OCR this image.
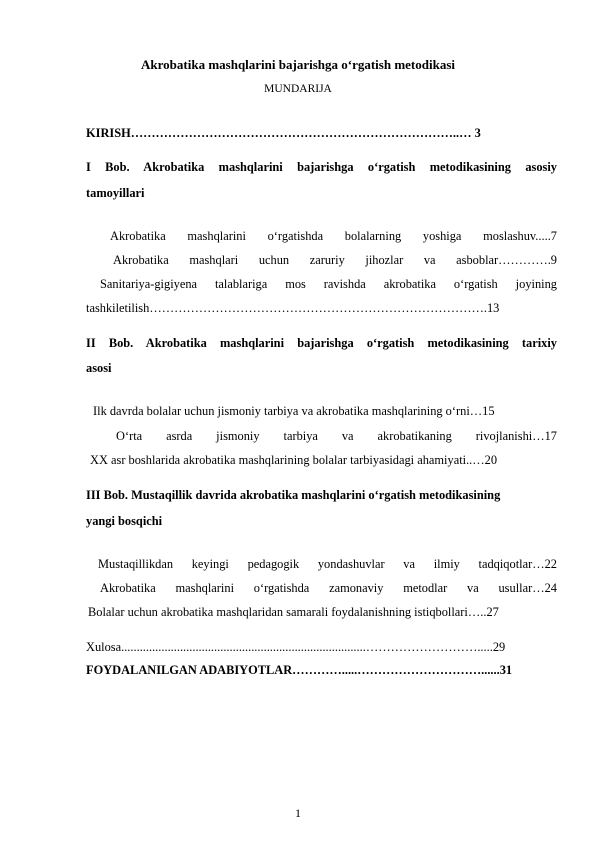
Akrobatika mashqlarini bajarishga o‘rgatish metodikasi
MUNDARIJA
KIRISH……………………………………………………………………..… 3
I Bob. Akrobatika mashqlarini bajarishga o‘rgatish metodikasining asosiy
tamoyillari
Akrobatika mashqlarini o‘rgatishda bolalarning yoshiga moslashuv.....7
Akrobatika mashqlari uchun zaruriy jihozlar va asboblar………….9
Sanitariya-gigiyena talablariga mos ravishda akrobatika o‘rgatish joyining
tashkiletilish……………………………………………………………………….13
II Bob. Akrobatika mashqlarini bajarishga o‘rgatish metodikasining tarixiy
asosi
Ilk davrda bolalar uchun jismoniy tarbiya va akrobatika mashqlarining o‘rni…15
O‘rta asrda jismoniy tarbiya va akrobatikaning rivojlanishi…17
XX asr boshlarida akrobatika mashqlarining bolalar tarbiyasidagi ahamiyati..…20
III Bob. Mustaqillik davrida akrobatika mashqlarini o‘rgatish metodikasining
yangi bosqichi
Mustaqillikdan keyingi pedagogik yondashuvlar va ilmiy tadqiqotlar…22
Akrobatika mashqlarini o‘rgatishda zamonaviy metodlar va usullar…24
Bolalar uchun akrobatika mashqlaridan samarali foydalanishning istiqbollari…..27
Xulosa...............................................................................……………………….....29
FOYDALANILGAN ADABIYOTLAR………….....…………………………......31
1
